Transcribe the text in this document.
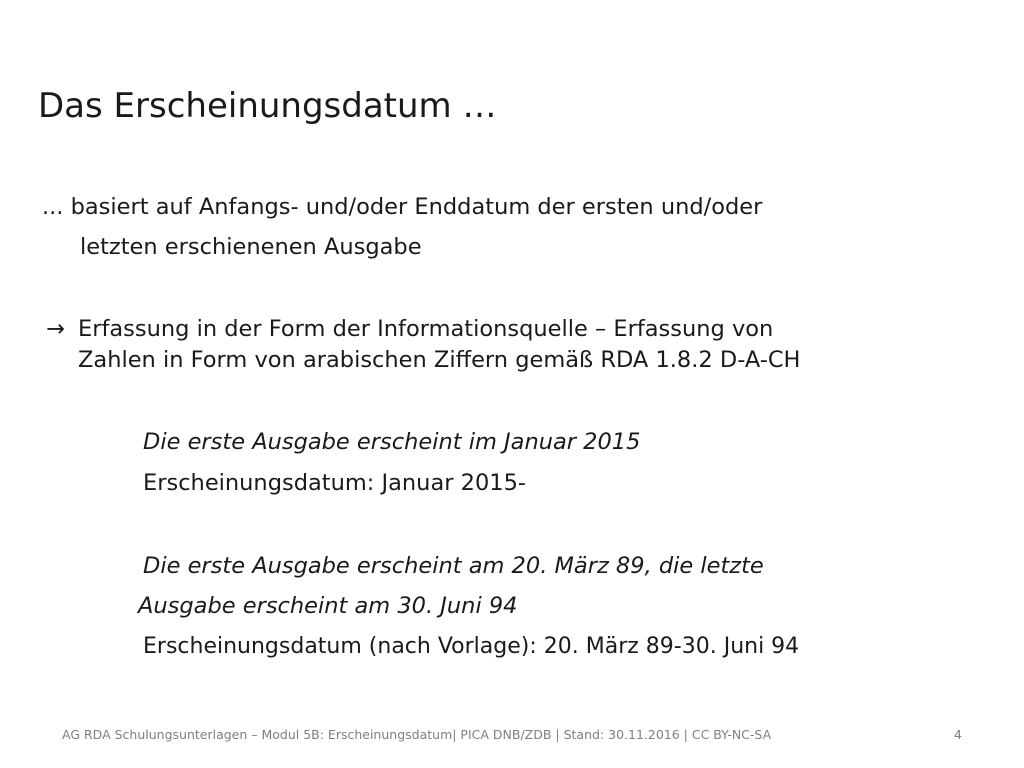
Das Erscheinungsdatum …
... basiert auf Anfangs- und/oder Enddatum der ersten und/oder
letzten erschienenen Ausgabe
→ Erfassung in der Form der Informationsquelle – Erfassung von
Zahlen in Form von arabischen Ziffern gemäß RDA 1.8.2 D-A-CH
Die erste Ausgabe erscheint im Januar 2015
Erscheinungsdatum: Januar 2015-
Die erste Ausgabe erscheint am 20. März 89, die letzte
Ausgabe erscheint am 30. Juni 94
Erscheinungsdatum (nach Vorlage): 20. März 89-30. Juni 94
AG RDA Schulungsunterlagen – Modul 5B: Erscheinungsdatum| PICA DNB/ZDB | Stand: 30.11.2016 | CC BY-NC-SA	4
